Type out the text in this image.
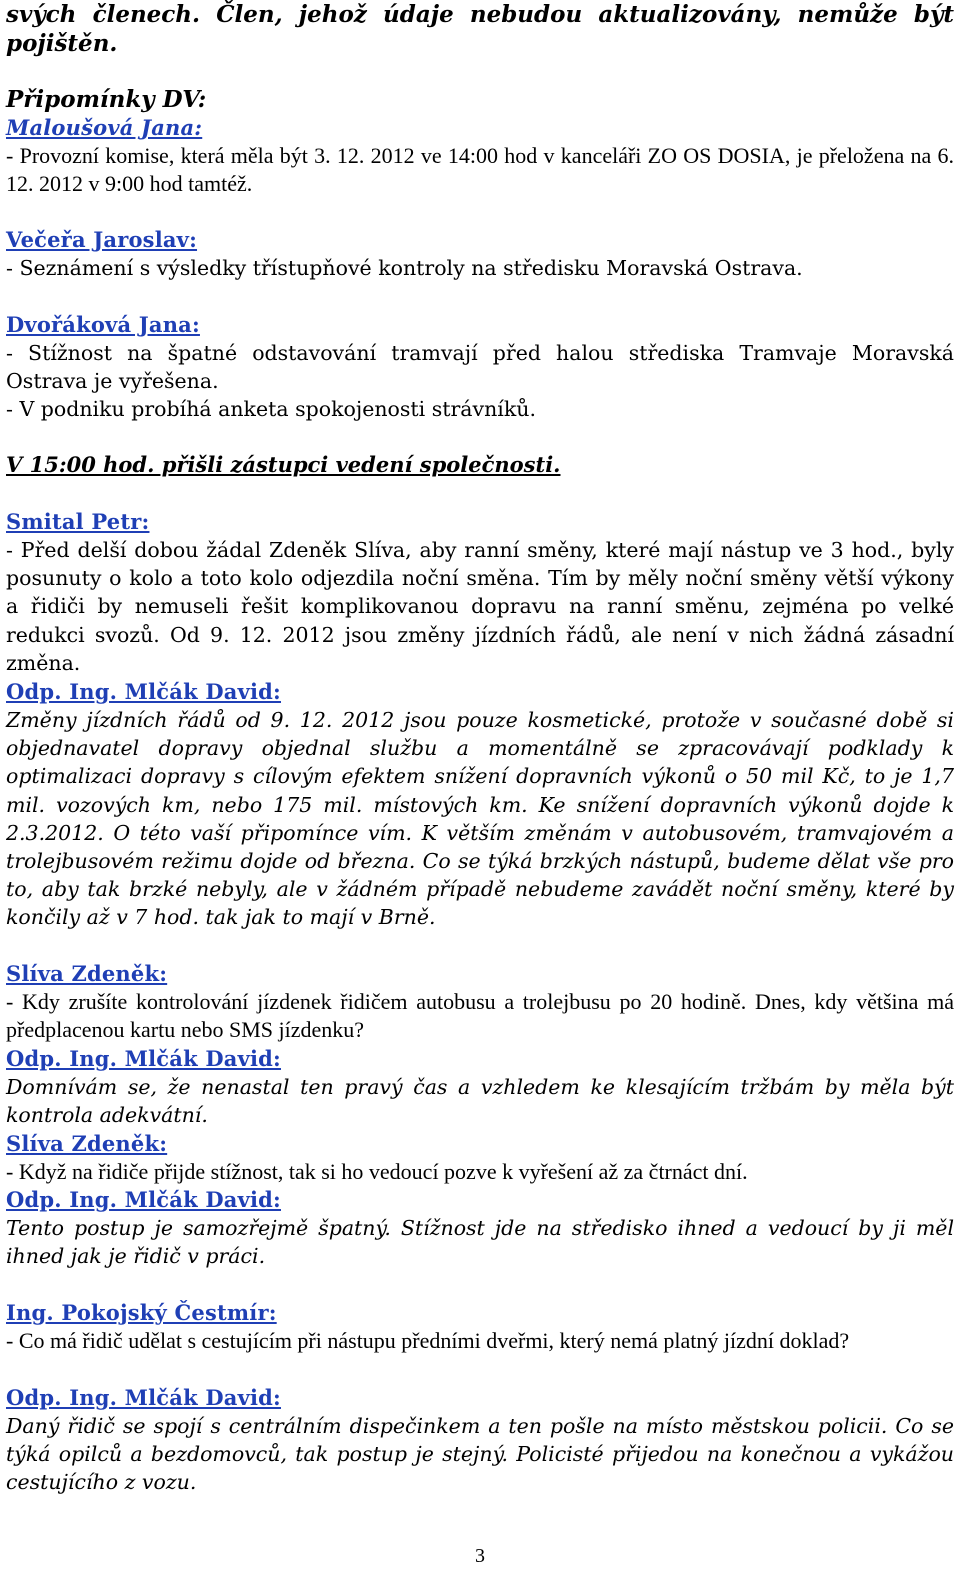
svých členech. Člen, jehož údaje nebudou aktualizovány, nemůže být
pojištěn.
Připomínky DV:
Maloušová Jana:
- Provozní komise, která měla být 3. 12. 2012 ve 14:00 hod v kanceláři ZO OS DOSIA, je přeložena na 6. 12. 2012 v 9:00 hod tamtéž.
Večeřa Jaroslav:
- Seznámení s výsledky třístupňové kontroly na středisku Moravská Ostrava.
Dvořáková Jana:
- Stížnost na špatné odstavování tramvají před halou střediska Tramvaje Moravská Ostrava je vyřešena.
- V podniku probíhá anketa spokojenosti strávníků.
V 15:00 hod. přišli zástupci vedení společnosti.
Smital Petr:
- Před delší dobou žádal Zdeněk Slíva, aby ranní směny, které mají nástup ve 3 hod., byly posunuty o kolo a toto kolo odjezdila noční směna. Tím by měly noční směny větší výkony a řidiči by nemuseli řešit komplikovanou dopravu na ranní směnu, zejména po velké redukci svozů. Od 9. 12. 2012 jsou změny jízdních řádů, ale není v nich žádná zásadní změna.
Odp. Ing. Mlčák David:
Změny jízdních řádů od 9. 12. 2012 jsou pouze kosmetické, protože v současné době si objednavatel dopravy objednal službu a momentálně se zpracovávají podklady k optimalizaci dopravy s cílovým efektem snížení dopravních výkonů o 50 mil Kč, to je 1,7 mil. vozových km, nebo 175 mil. místových km. Ke snížení dopravních výkonů dojde k 2.3.2012. O této vaší připomínce vím. K větším změnám v autobusovém, tramvajovém a trolejbusovém režimu dojde od března. Co se týká brzkých nástupů, budeme dělat vše pro to, aby tak brzké nebyly, ale v žádném případě nebudeme zavádět noční směny, které by končily až v 7 hod. tak jak to mají v Brně.
Slíva Zdeněk:
- Kdy zrušíte kontrolování jízdenek řidičem autobusu a trolejbusu po 20 hodině. Dnes, kdy většina má předplacenou kartu nebo SMS jízdenku?
Odp. Ing. Mlčák David:
Domnívám se, že nenastal ten pravý čas a vzhledem ke klesajícím tržbám by měla být kontrola adekvátní.
Slíva Zdeněk:
- Když na řidiče přijde stížnost, tak si ho vedoucí pozve k vyřešení až za čtrnáct dní.
Odp. Ing. Mlčák David:
Tento postup je samozřejmě špatný. Stížnost jde na středisko ihned a vedoucí by ji měl ihned jak je řidič v práci.
Ing. Pokojský Čestmír:
- Co má řidič udělat s cestujícím při nástupu předními dveřmi, který nemá platný jízdní doklad?
Odp. Ing. Mlčák David:
Daný řidič se spojí s centrálním dispečinkem a ten pošle na místo městskou policii. Co se týká opilců a bezdomovců, tak postup je stejný. Policisté přijedou na konečnou a vykážou cestujícího z vozu.
3
